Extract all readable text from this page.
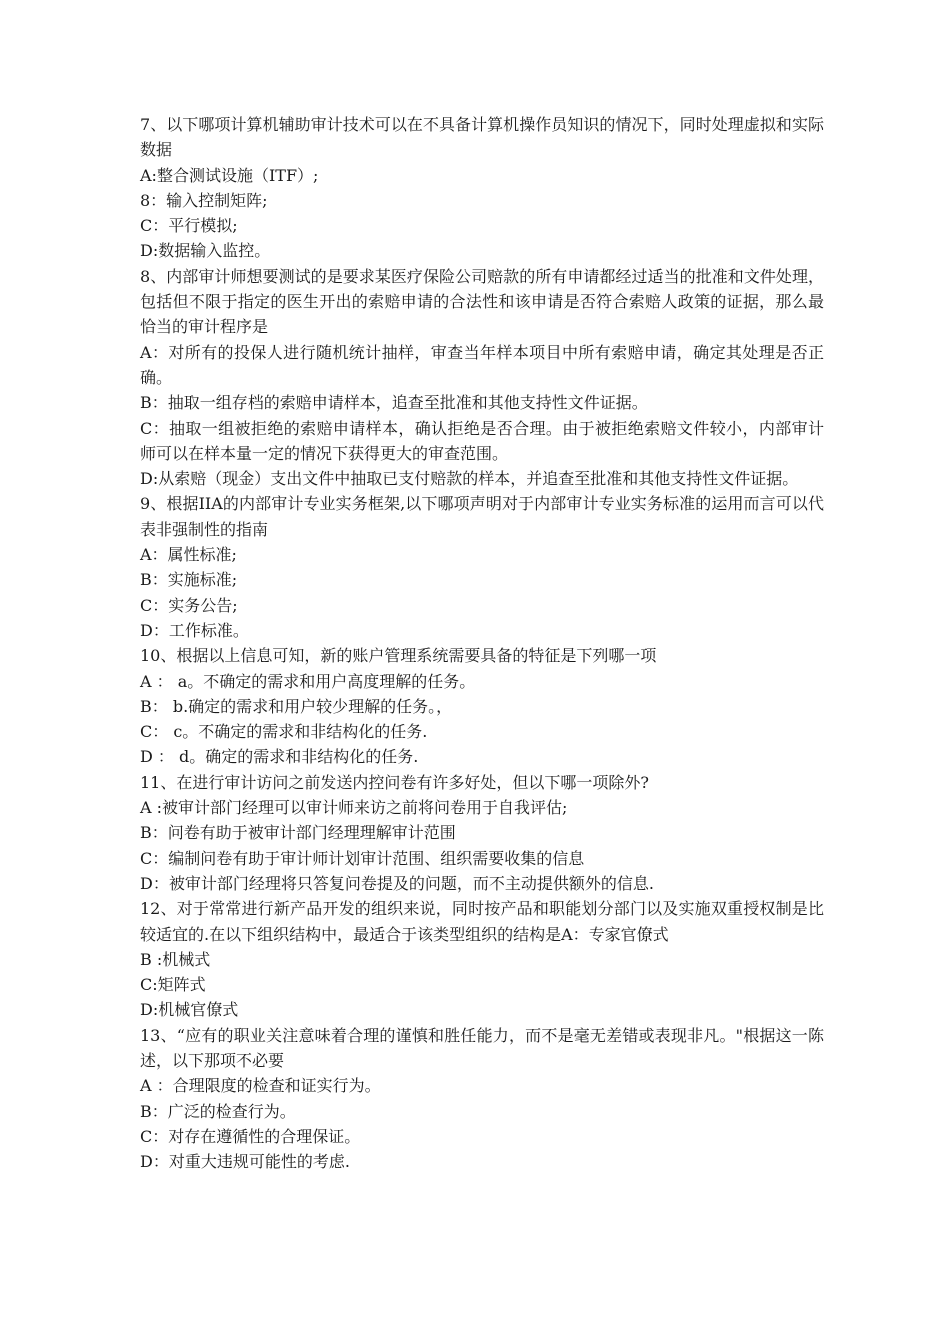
7、以下哪项计算机辅助审计技术可以在不具备计算机操作员知识的情况下，同时处理虚拟和实际数据

A:整合测试设施（ITF）;

8：输入控制矩阵;

C：平行模拟;

D:数据输入监控。

8、内部审计师想要测试的是要求某医疗保险公司赔款的所有申请都经过适当的批准和文件处理，包括但不限于指定的医生开出的索赔申请的合法性和该申请是否符合索赔人政策的证据，那么最恰当的审计程序是

A：对所有的投保人进行随机统计抽样，审查当年样本项目中所有索赔申请，确定其处理是否正确。

B：抽取一组存档的索赔申请样本，追查至批准和其他支持性文件证据。

C：抽取一组被拒绝的索赔申请样本，确认拒绝是否合理。由于被拒绝索赔文件较小，内部审计师可以在样本量一定的情况下获得更大的审查范围。

D:从索赔（现金）支出文件中抽取已支付赔款的样本，并追查至批准和其他支持性文件证据。

9、根据IIA的内部审计专业实务框架,以下哪项声明对于内部审计专业实务标准的运用而言可以代表非强制性的指南

A：属性标准;

B：实施标准;

C：实务公告;

D：工作标准。

10、根据以上信息可知，新的账户管理系统需要具备的特征是下列哪一项

A ： a。不确定的需求和用户高度理解的任务。

B： b.确定的需求和用户较少理解的任务。，

C： c。不确定的需求和非结构化的任务.

D ： d。确定的需求和非结构化的任务.

11、在进行审计访问之前发送内控问卷有许多好处，但以下哪一项除外?

A :被审计部门经理可以审计师来访之前将问卷用于自我评估;

B：问卷有助于被审计部门经理理解审计范围

C：编制问卷有助于审计师计划审计范围、组织需要收集的信息

D：被审计部门经理将只答复问卷提及的问题，而不主动提供额外的信息.

12、对于常常进行新产品开发的组织来说，同时按产品和职能划分部门以及实施双重授权制是比较适宜的.在以下组织结构中，最适合于该类型组织的结构是A：专家官僚式

B :机械式

C:矩阵式

D:机械官僚式

13、“应有的职业关注意味着合理的谨慎和胜任能力，而不是毫无差错或表现非凡。"根据这一陈述，以下那项不必要

A ：合理限度的检查和证实行为。

B：广泛的检查行为。

C：对存在遵循性的合理保证。

D：对重大违规可能性的考虑.
